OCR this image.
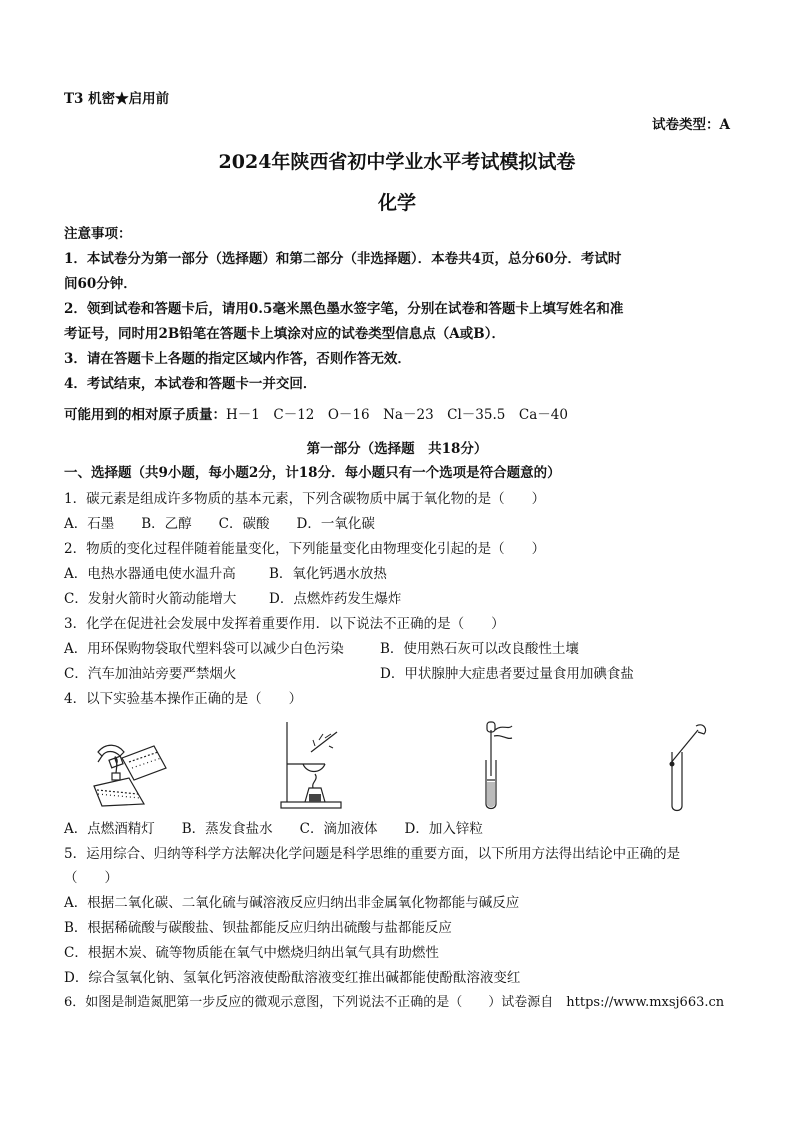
T3 机密★启用前
试卷类型：A
2024年陕西省初中学业水平考试模拟试卷
化学
注意事项：
1．本试卷分为第一部分（选择题）和第二部分（非选择题）．本卷共4页，总分60分．考试时
间60分钟．
2．领到试卷和答题卡后，请用0.5毫米黑色墨水签字笔，分别在试卷和答题卡上填写姓名和准
考证号，同时用2B铅笔在答题卡上填涂对应的试卷类型信息点（A或B）．
3．请在答题卡上各题的指定区域内作答，否则作答无效．
4．考试结束，本试卷和答题卡一并交回．
可能用到的相对原子质量：H－1　C－12　O－16　Na－23　Cl－35.5　Ca－40
第一部分（选择题　共18分）
一、选择题（共9小题，每小题2分，计18分．每小题只有一个选项是符合题意的）
1．碳元素是组成许多物质的基本元素，下列含碳物质中属于氧化物的是（　　）
A．石墨　　B．乙醇　　C．碳酸　　D．一氧化碳
2．物质的变化过程伴随着能量变化，下列能量变化由物理变化引起的是（　　）
A．电热水器通电使水温升高 B．氧化钙遇水放热
C．发射火箭时火箭动能增大 D．点燃炸药发生爆炸
3．化学在促进社会发展中发挥着重要作用．以下说法不正确的是（　　）
A．用环保购物袋取代塑料袋可以减少白色污染	B．使用熟石灰可以改良酸性土壤
C．汽车加油站旁要严禁烟火	D．甲状腺肿大症患者要过量食用加碘食盐
4．以下实验基本操作正确的是（　　）
A．点燃酒精灯　　B．蒸发食盐水　　C．滴加液体　　D．加入锌粒
5．运用综合、归纳等科学方法解决化学问题是科学思维的重要方面，以下所用方法得出结论中正确的是
（　　）
A．根据二氧化碳、二氧化硫与碱溶液反应归纳出非金属氧化物都能与碱反应
B．根据稀硫酸与碳酸盐、钡盐都能反应归纳出硫酸与盐都能反应
C．根据木炭、硫等物质能在氧气中燃烧归纳出氧气具有助燃性
D．综合氢氧化钠、氢氧化钙溶液使酚酞溶液变红推出碱都能使酚酞溶液变红
6．如图是制造氮肥第一步反应的微观示意图，下列说法不正确的是（　　）试卷源自　https://www.mxsj663.cn
